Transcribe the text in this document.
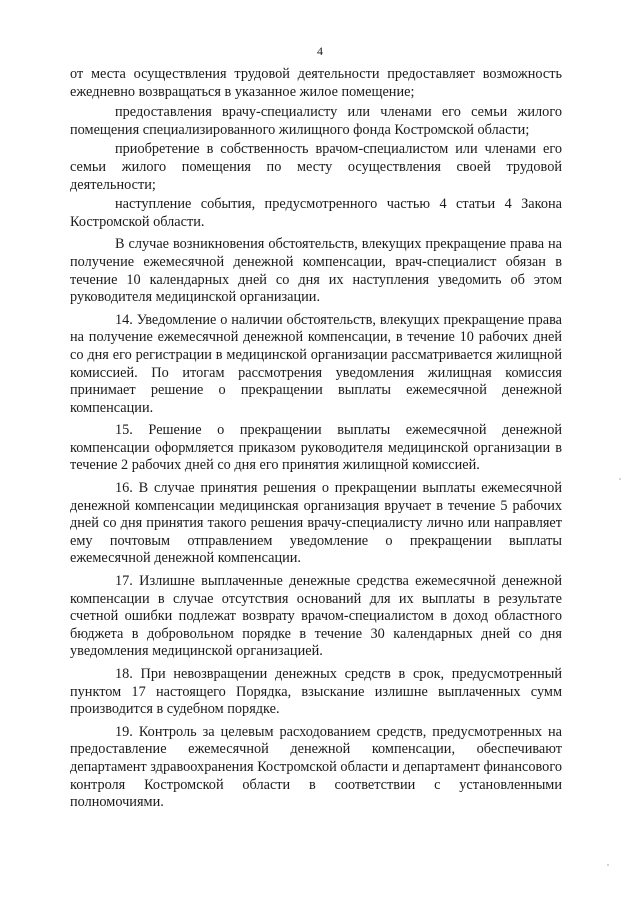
4

от места осуществления трудовой деятельности предоставляет возможность ежедневно возвращаться в указанное жилое помещение;

предоставления врачу-специалисту или членами его семьи жилого помещения специализированного жилищного фонда Костромской области;

приобретение в собственность врачом-специалистом или членами его семьи жилого помещения по месту осуществления своей трудовой деятельности;

наступление события, предусмотренного частью 4 статьи 4 Закона Костромской области.

В случае возникновения обстоятельств, влекущих прекращение права на получение ежемесячной денежной компенсации, врач-специалист обязан в течение 10 календарных дней со дня их наступления уведомить об этом руководителя медицинской организации.

14. Уведомление о наличии обстоятельств, влекущих прекращение права на получение ежемесячной денежной компенсации, в течение 10 рабочих дней со дня его регистрации в медицинской организации рассматривается жилищной комиссией. По итогам рассмотрения уведомления жилищная комиссия принимает решение о прекращении выплаты ежемесячной денежной компенсации.

15. Решение о прекращении выплаты ежемесячной денежной компенсации оформляется приказом руководителя медицинской организации в течение 2 рабочих дней со дня его принятия жилищной комиссией.

16. В случае принятия решения о прекращении выплаты ежемесячной денежной компенсации медицинская организация вручает в течение 5 рабочих дней со дня принятия такого решения врачу-специалисту лично или направляет ему почтовым отправлением уведомление о прекращении выплаты ежемесячной денежной компенсации.

17. Излишне выплаченные денежные средства ежемесячной денежной компенсации в случае отсутствия оснований для их выплаты в результате счетной ошибки подлежат возврату врачом-специалистом в доход областного бюджета в добровольном порядке в течение 30 календарных дней со дня уведомления медицинской организацией.

18. При невозвращении денежных средств в срок, предусмотренный пунктом 17 настоящего Порядка, взыскание излишне выплаченных сумм производится в судебном порядке.

19. Контроль за целевым расходованием средств, предусмотренных на предоставление ежемесячной денежной компенсации, обеспечивают департамент здравоохранения Костромской области и департамент финансового контроля Костромской области в соответствии с установленными полномочиями.
